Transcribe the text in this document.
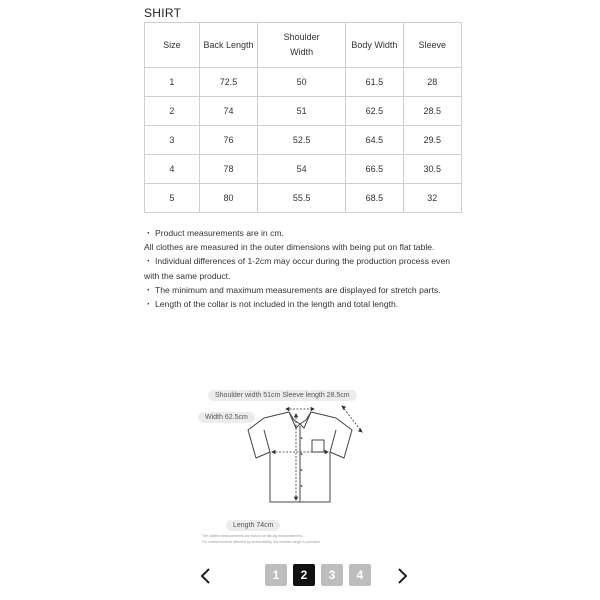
SHIRT
Size	Back Length	Shoulder Width	Body Width	Sleeve
1	72.5	50	61.5	28
2	74	51	62.5	28.5
3	76	52.5	64.5	29.5
4	78	54	66.5	30.5
5	80	55.5	68.5	32

・ Product measurements are in cm.

All clothes are measured in the outer dimensions with being put on flat table.

・ Individual differences of 1-2cm may occur during the production process even with the same product.

・ The minimum and maximum measurements are displayed for stretch parts.

・ Length of the collar is not included in the length and total length.

Shoulder width 51cm Sleeve length 28.5cm
Width 62.5cm
Length 74cm
The stated measurements are based on flat-lay measurements.
For measurements affected by stretchability, the median range is provided.
1	2	3	4
